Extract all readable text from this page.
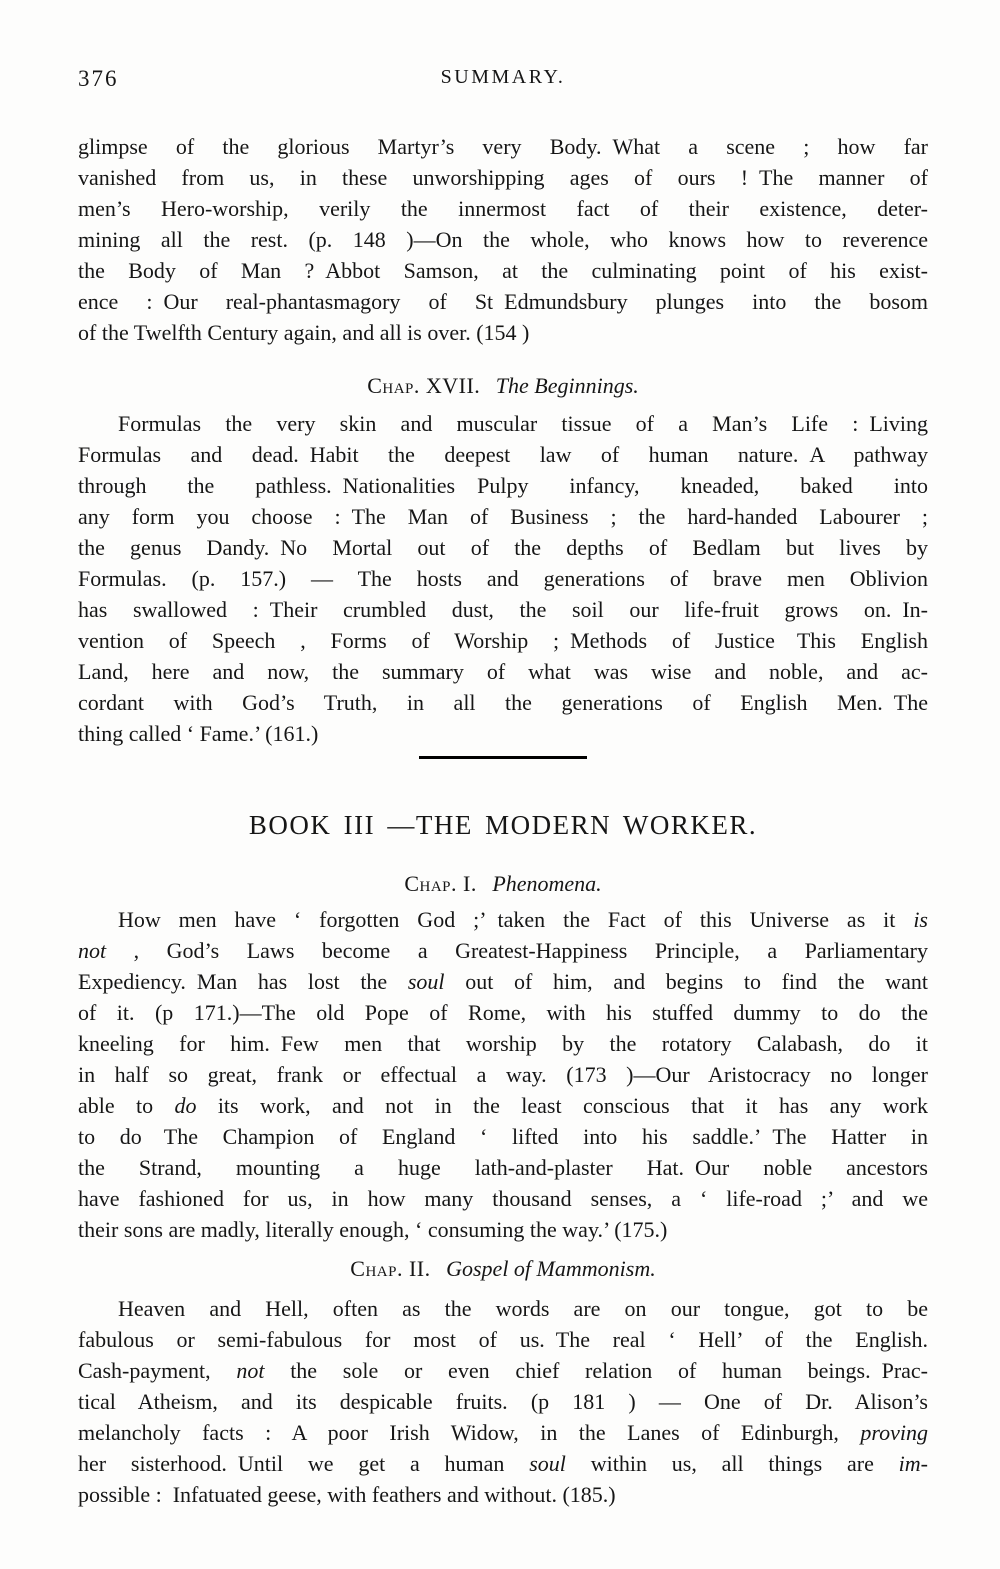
376	SUMMARY.
glimpse of the glorious Martyr’s very Body. What a scene ; how far
vanished from us, in these unworshipping ages of ours ! The manner of
men’s Hero-worship, verily the innermost fact of their existence, deter-
mining all the rest. (p. 148 )—On the whole, who knows how to reverence
the Body of Man ? Abbot Samson, at the culminating point of his exist-
ence : Our real-phantasmagory of St Edmundsbury plunges into the bosom
of the Twelfth Century again, and all is over. (154 )
Chap. XVII. The Beginnings.
Formulas the very skin and muscular tissue of a Man’s Life : Living
Formulas and dead. Habit the deepest law of human nature. A pathway
through the pathless. Nationalities  Pulpy infancy, kneaded, baked into
any form you choose : The Man of Business ; the hard-handed Labourer ;
the genus Dandy. No Mortal out of the depths of Bedlam but lives by
Formulas. (p. 157.) — The hosts and generations of brave men Oblivion
has swallowed : Their crumbled dust, the soil our life-fruit grows on. In-
vention of Speech , Forms of Worship ; Methods of Justice  This English
Land, here and now, the summary of what was wise and noble, and ac-
cordant with God’s Truth, in all the generations of English Men. The
thing called ‘ Fame.’ (161.)
BOOK III —THE MODERN WORKER.
Chap. I. Phenomena.
How men have ‘ forgotten God ;’ taken the Fact of this Universe as it is
not , God’s Laws become a Greatest-Happiness Principle, a Parliamentary
Expediency. Man has lost the soul out of him, and begins to find the want
of it. (p 171.)—The old Pope of Rome, with his stuffed dummy to do the
kneeling for him. Few men that worship by the rotatory Calabash, do it
in half so great, frank or effectual a way. (173 )—Our Aristocracy no longer
able to do its work, and not in the least conscious that it has any work
to do  The Champion of England ‘ lifted into his saddle.’ The Hatter in
the Strand, mounting a huge lath-and-plaster Hat. Our noble ancestors
have fashioned for us, in how many thousand senses, a ‘ life-road ;’ and we
their sons are madly, literally enough, ‘ consuming the way.’ (175.)
Chap. II. Gospel of Mammonism.
Heaven and Hell, often as the words are on our tongue, got to be
fabulous or semi-fabulous for most of us. The real ‘ Hell’ of the English.
Cash-payment, not the sole or even chief relation of human beings. Prac-
tical Atheism, and its despicable fruits. (p 181 ) — One of Dr. Alison’s
melancholy facts : A poor Irish Widow, in the Lanes of Edinburgh, proving
her sisterhood. Until we get a human soul within us, all things are im-
possible : Infatuated geese, with feathers and without. (185.)
